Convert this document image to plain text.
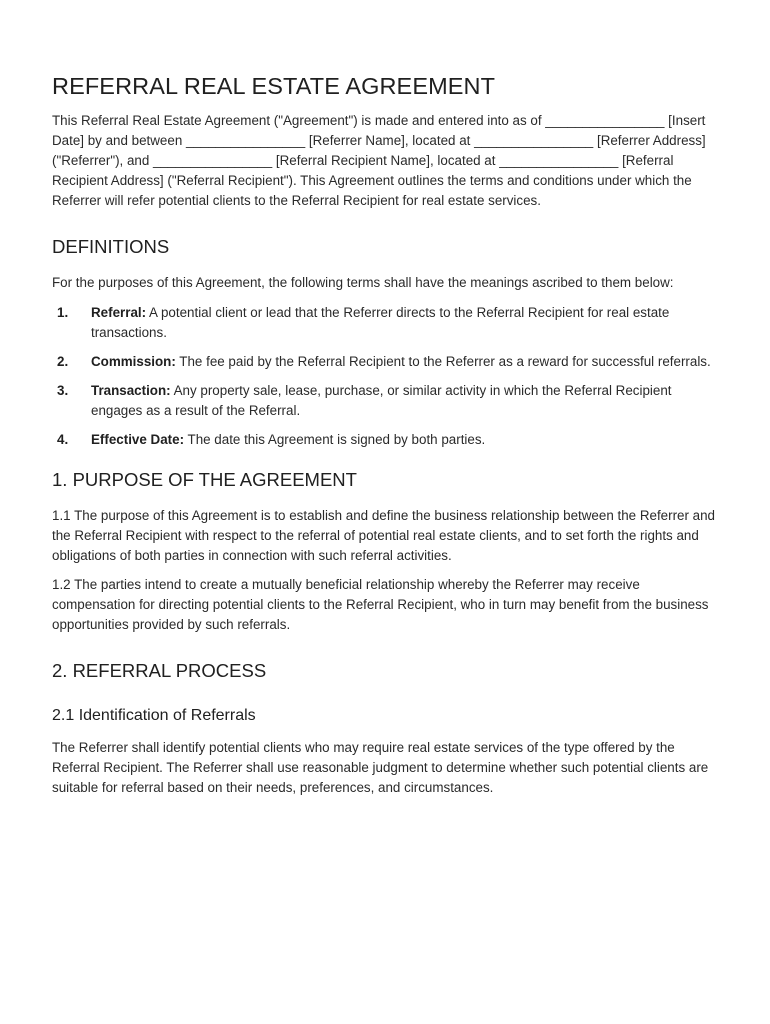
REFERRAL REAL ESTATE AGREEMENT

This Referral Real Estate Agreement ("Agreement") is made and entered into as of ________________ [Insert Date] by and between ________________ [Referrer Name], located at ________________ [Referrer Address] ("Referrer"), and ________________ [Referral Recipient Name], located at ________________ [Referral Recipient Address] ("Referral Recipient"). This Agreement outlines the terms and conditions under which the Referrer will refer potential clients to the Referral Recipient for real estate services.

DEFINITIONS

For the purposes of this Agreement, the following terms shall have the meanings ascribed to them below:

1. Referral: A potential client or lead that the Referrer directs to the Referral Recipient for real estate transactions.
2. Commission: The fee paid by the Referral Recipient to the Referrer as a reward for successful referrals.
3. Transaction: Any property sale, lease, purchase, or similar activity in which the Referral Recipient engages as a result of the Referral.
4. Effective Date: The date this Agreement is signed by both parties.
1. PURPOSE OF THE AGREEMENT

1.1 The purpose of this Agreement is to establish and define the business relationship between the Referrer and the Referral Recipient with respect to the referral of potential real estate clients, and to set forth the rights and obligations of both parties in connection with such referral activities.

1.2 The parties intend to create a mutually beneficial relationship whereby the Referrer may receive compensation for directing potential clients to the Referral Recipient, who in turn may benefit from the business opportunities provided by such referrals.

2. REFERRAL PROCESS
2.1 Identification of Referrals

The Referrer shall identify potential clients who may require real estate services of the type offered by the Referral Recipient. The Referrer shall use reasonable judgment to determine whether such potential clients are suitable for referral based on their needs, preferences, and circumstances.
